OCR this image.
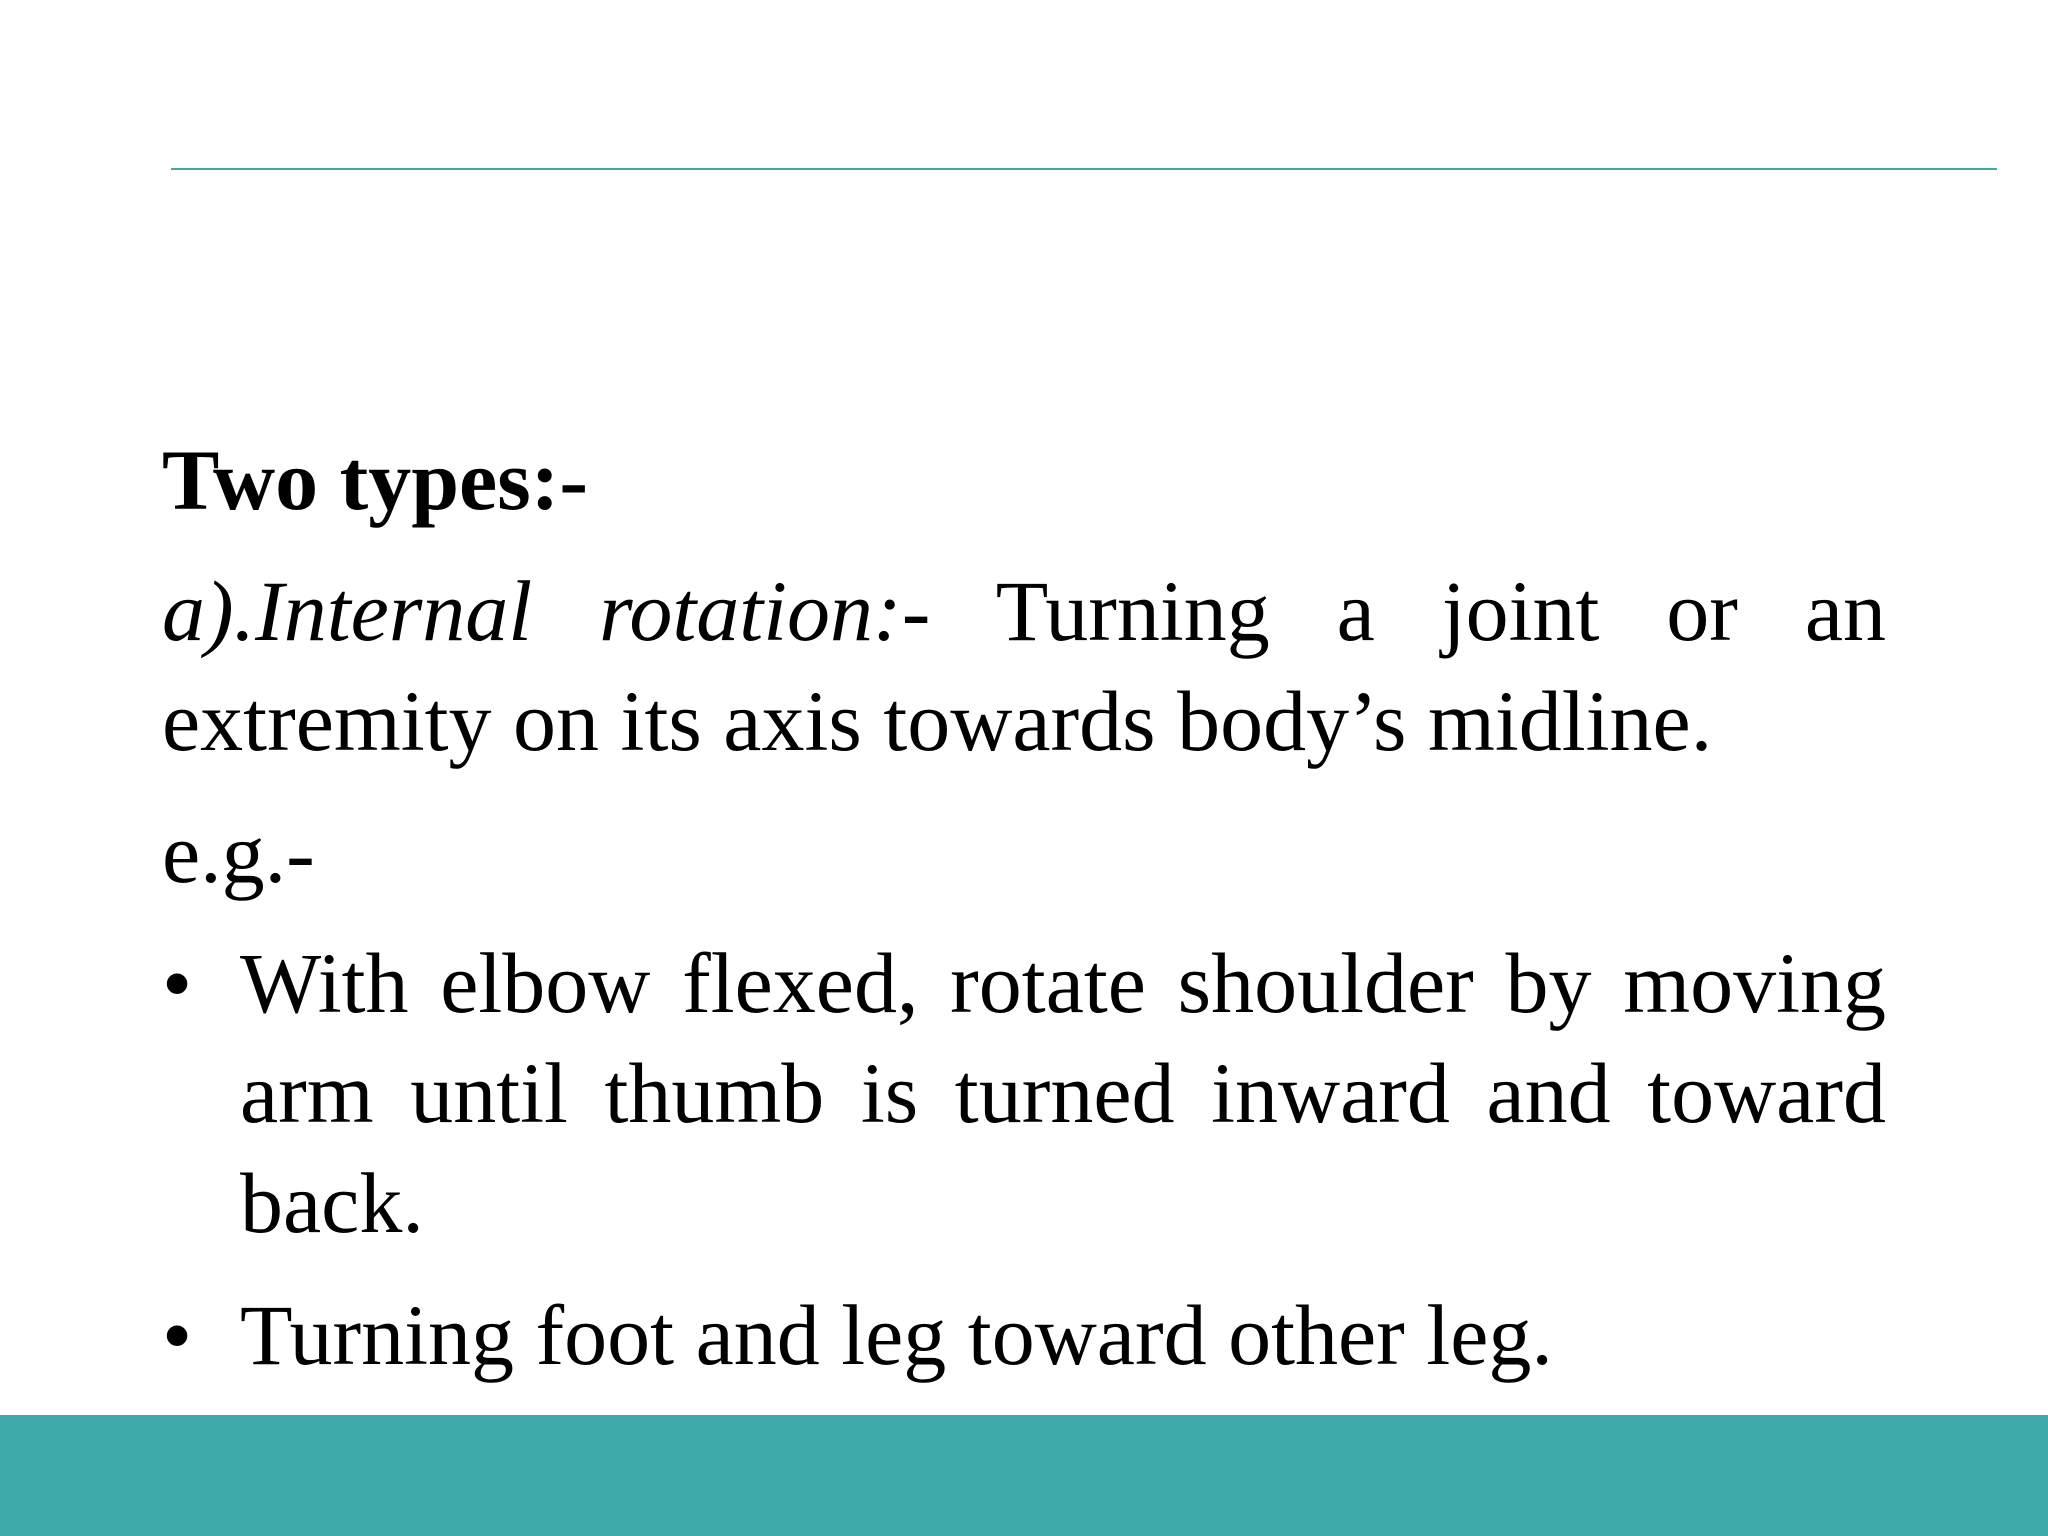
Two types:-

a).Internal rotation:- Turning a joint or an extremity on its axis towards body’s midline.

e.g.-

• With elbow flexed, rotate shoulder by moving arm until thumb is turned inward and toward back.
• Turning foot and leg toward other leg.
